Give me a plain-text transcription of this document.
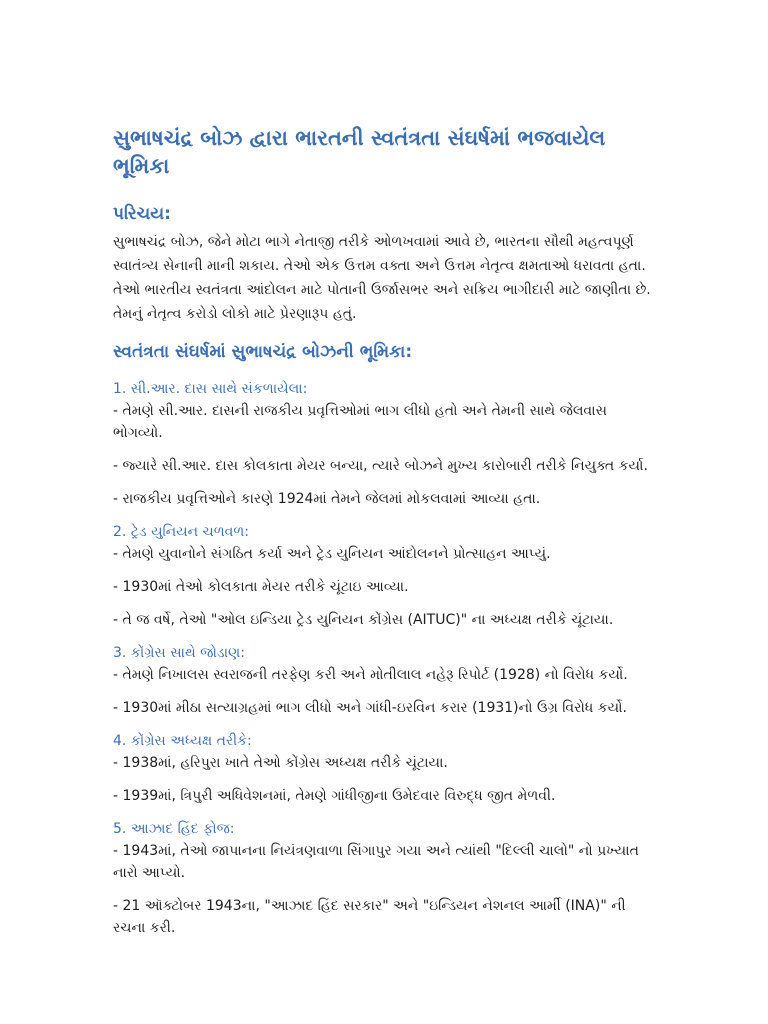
સુભાષચંદ્ર બોઝ દ્વારા ભારતની સ્વતંત્રતા સંઘર્ષમાં ભજવાયેલ ભૂમિકા
પરિચય:

સુભાષચંદ્ર બોઝ, જેને મોટા ભાગે નેતાજી તરીકે ઓળખવામાં આવે છે, ભારતના સૌથી મહત્વપૂર્ણ સ્વાતંત્ર્ય સેનાની માની શકાય. તેઓ એક ઉત્તમ વક્તા અને ઉત્તમ નેતૃત્વ ક્ષમતાઓ ધરાવતા હતા. તેઓ ભારતીય સ્વતંત્રતા આંદોલન માટે પોતાની ઉર્જાસભર અને સક્રિય ભાગીદારી માટે જાણીતા છે. તેમનું નેતૃત્વ કરોડો લોકો માટે પ્રેરણારૂપ હતું.

સ્વતંત્રતા સંઘર્ષમાં સુભાષચંદ્ર બોઝની ભૂમિકા:
1. સી.આર. દાસ સાથે સંકળાયેલા:

- તેમણે સી.આર. દાસની રાજકીય પ્રવૃત્તિઓમાં ભાગ લીધો હતો અને તેમની સાથે જેલવાસ ભોગવ્યો.

- જ્યારે સી.આર. દાસ કોલકાતા મેયર બન્યા, ત્યારે બોઝને મુખ્ય કારોબારી તરીકે નિયુક્ત કર્યા.

- રાજકીય પ્રવૃત્તિઓને કારણે 1924માં તેમને જેલમાં મોકલવામાં આવ્યા હતા.

2. ટ્રેડ યુનિયન ચળવળ:

- તેમણે યુવાનોને સંગઠિત કર્યા અને ટ્રેડ યુનિયન આંદોલનને પ્રોત્સાહન આપ્યું.

- 1930માં તેઓ કોલકાતા મેયર તરીકે ચૂંટાઇ આવ્યા.

- તે જ વર્ષે, તેઓ "ઓલ ઇન્ડિયા ટ્રેડ યુનિયન કોંગ્રેસ (AITUC)" ના અધ્યક્ષ તરીકે ચૂંટાયા.

3. કોંગ્રેસ સાથે જોડાણ:

- તેમણે નિખાલસ સ્વરાજની તરફેણ કરી અને મોતીલાલ નહેરૂ રિપોર્ટ (1928) નો વિરોધ કર્યો.

- 1930માં મીઠા સત્યાગ્રહમાં ભાગ લીધો અને ગાંધી-ઇરવિન કરાર (1931)નો ઉગ્ર વિરોધ કર્યો.

4. કોંગ્રેસ અધ્યક્ષ તરીકે:

- 1938માં, હરિપુરા ખાતે તેઓ કોંગ્રેસ અધ્યક્ષ તરીકે ચૂંટાયા.

- 1939માં, ત્રિપુરી અધિવેશનમાં, તેમણે ગાંધીજીના ઉમેદવાર વિરુદ્ધ જીત મેળવી.

5. આઝાદ હિંદ ફોજ:

- 1943માં, તેઓ જાપાનના નિયંત્રણવાળા સિંગાપુર ગયા અને ત્યાંથી "દિલ્લી ચાલો" નો પ્રખ્યાત નારો આપ્યો.

- 21 ઑક્ટોબર 1943ના, "આઝાદ હિંદ સરકાર" અને "ઇન્ડિયન નેશનલ આર્મી (INA)" ની રચના કરી.
